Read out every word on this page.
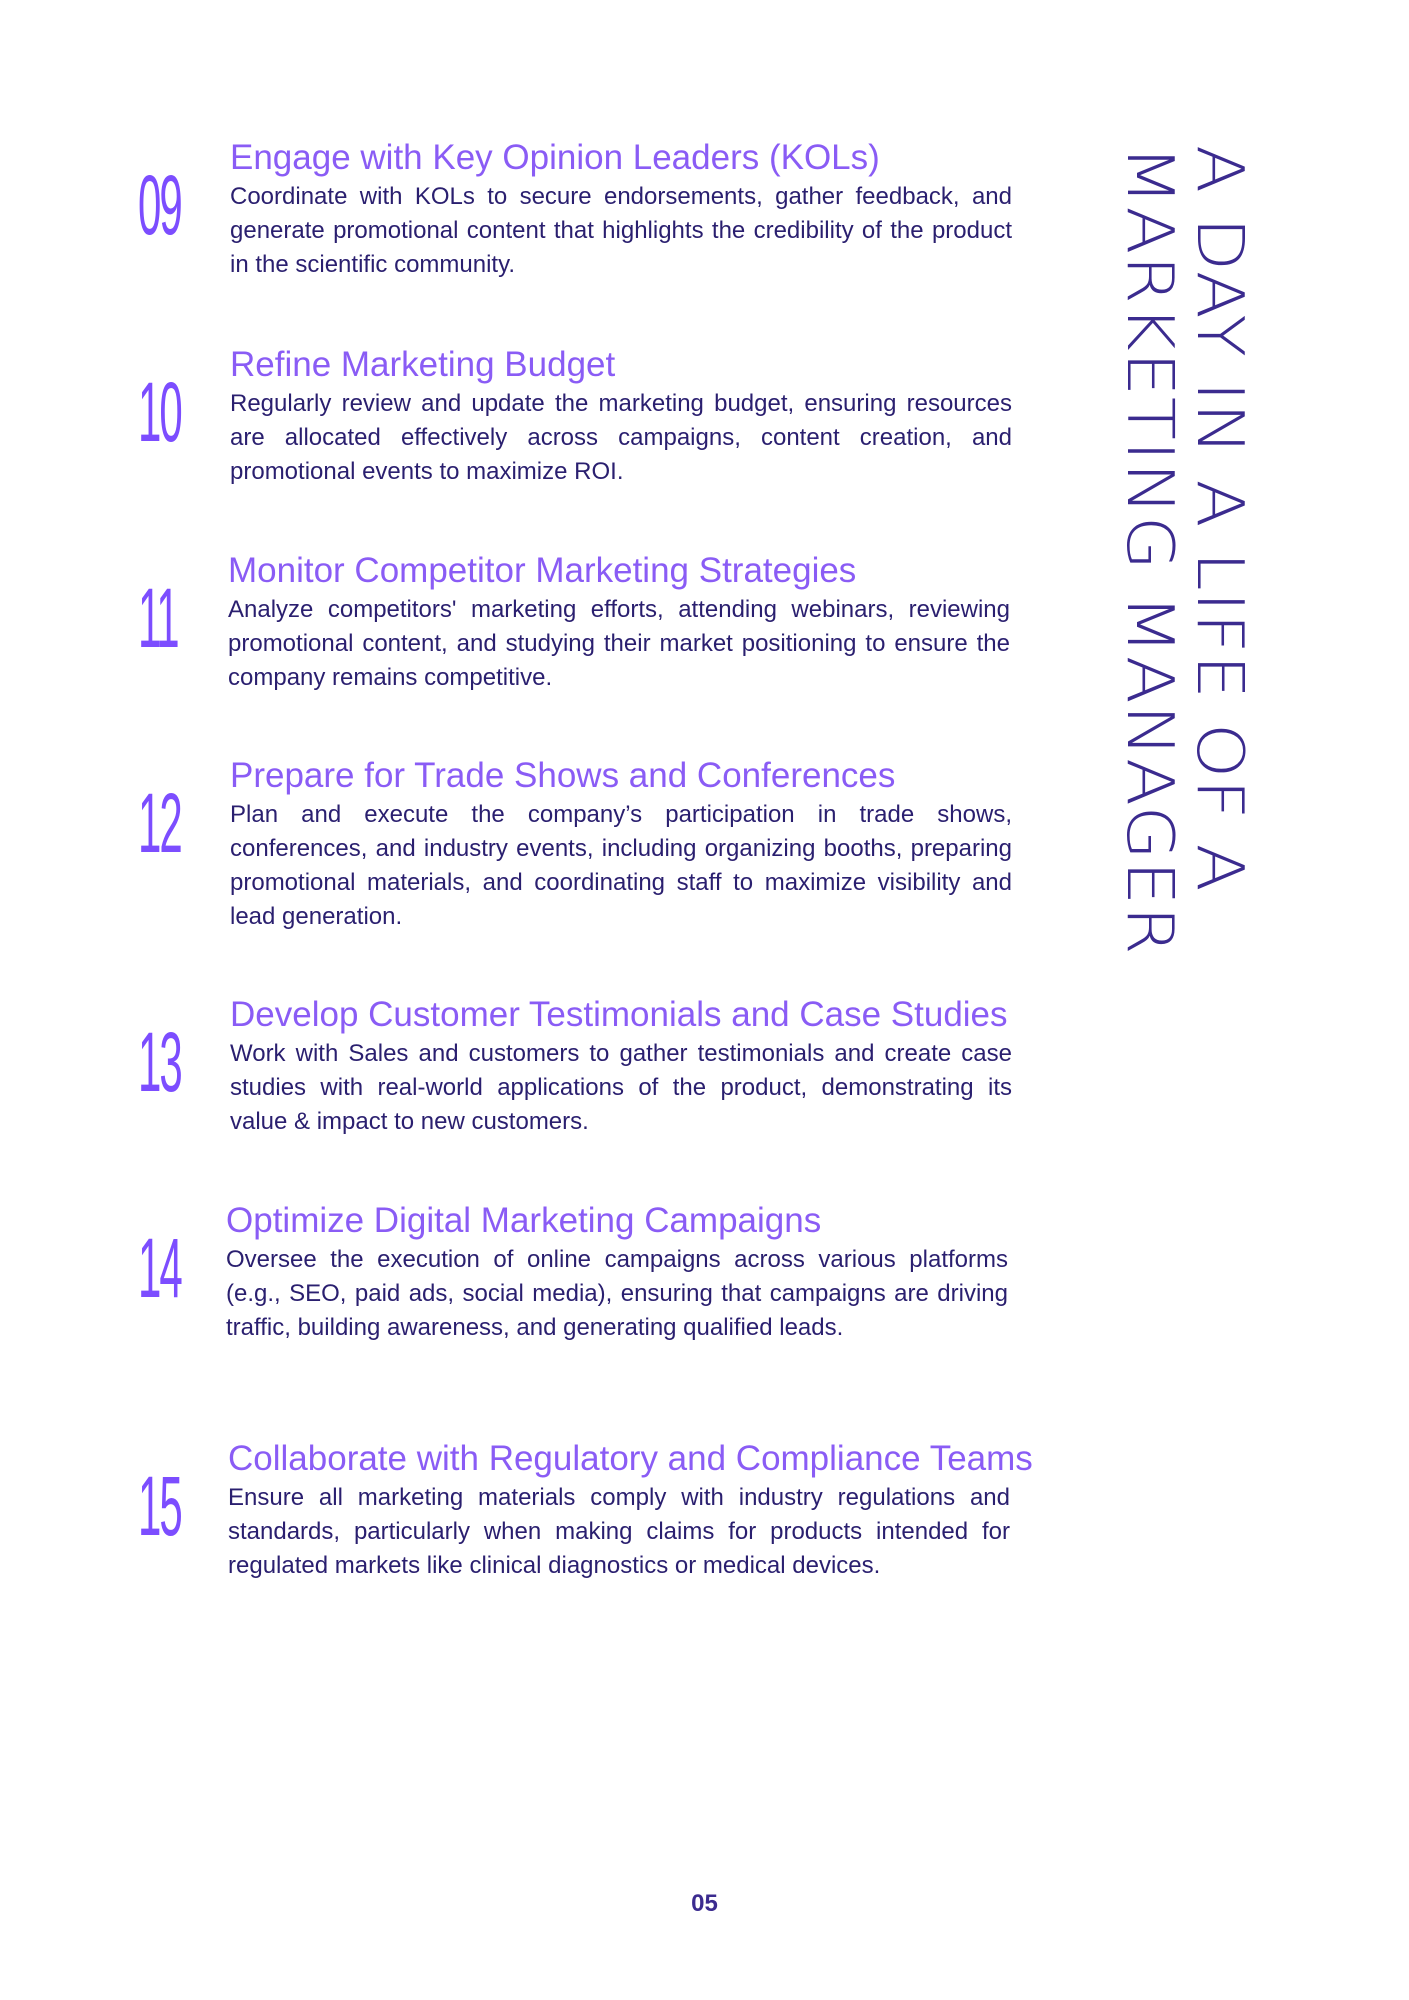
A DAY IN A LIFE OF A
MARKETING MANAGER
09
Engage with Key Opinion Leaders (KOLs)
Coordinate with KOLs to secure endorsements, gather feedback, and generate promotional content that highlights the credibility of the product in the scientific community.
10
Refine Marketing Budget
Regularly review and update the marketing budget, ensuring resources are allocated effectively across campaigns, content creation, and promotional events to maximize ROI.
11
Monitor Competitor Marketing Strategies
Analyze competitors' marketing efforts, attending webinars, reviewing promotional content, and studying their market positioning to ensure the company remains competitive.
12
Prepare for Trade Shows and Conferences
Plan and execute the company’s participation in trade shows, conferences, and industry events, including organizing booths, preparing promotional materials, and coordinating staff to maximize visibility and lead generation.
13
Develop Customer Testimonials and Case Studies
Work with Sales and customers to gather testimonials and create case studies with real-world applications of the product, demonstrating its value & impact to new customers.
14
Optimize Digital Marketing Campaigns
Oversee the execution of online campaigns across various platforms (e.g., SEO, paid ads, social media), ensuring that campaigns are driving traffic, building awareness, and generating qualified leads.
15
Collaborate with Regulatory and Compliance Teams
Ensure all marketing materials comply with industry regulations and standards, particularly when making claims for products intended for regulated markets like clinical diagnostics or medical devices.
05
